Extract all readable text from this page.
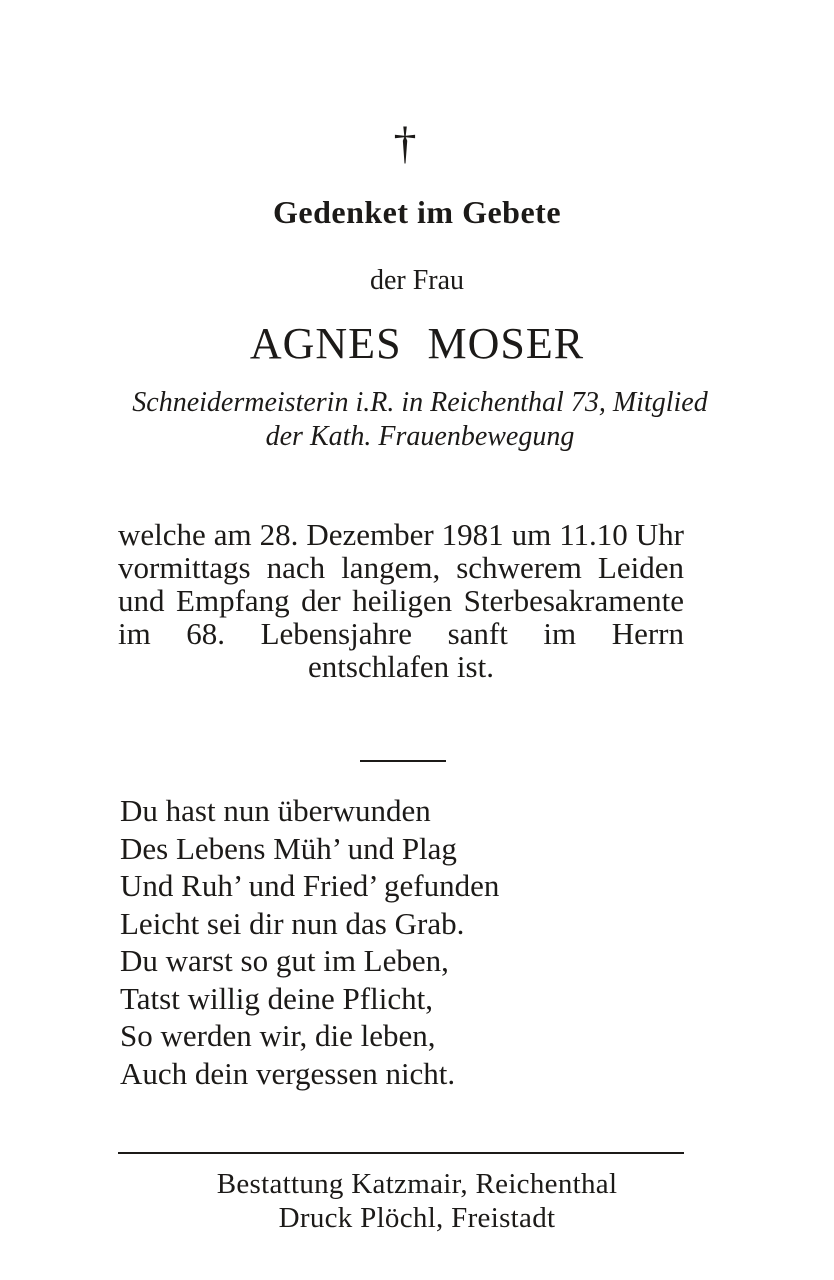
†
Gedenket im Gebete
der Frau
AGNES MOSER
Schneidermeisterin i.R. in Reichenthal 73, Mitglied der Kath. Frauenbewegung
welche am 28. Dezember 1981 um 11.10 Uhr vormittags nach langem, schwerem Leiden und Empfang der heiligen Sterbesakramente im 68. Lebensjahre sanft im Herrn entschlafen ist.
Du hast nun überwunden
Des Lebens Müh’ und Plag
Und Ruh’ und Fried’ gefunden
Leicht sei dir nun das Grab.
Du warst so gut im Leben,
Tatst willig deine Pflicht,
So werden wir, die leben,
Auch dein vergessen nicht.
Bestattung Katzmair, Reichenthal
Druck Plöchl, Freistadt
